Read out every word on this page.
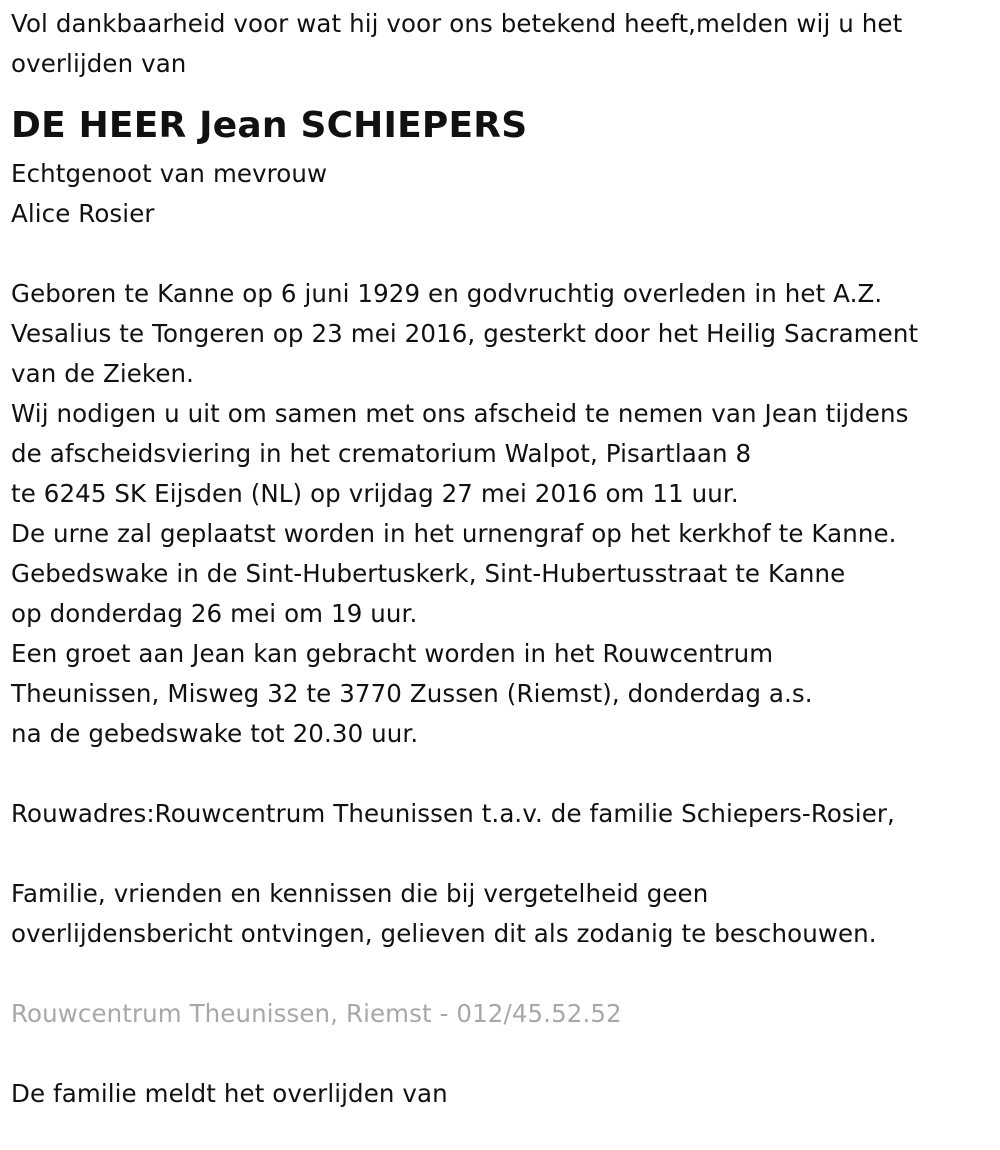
Vol dankbaarheid voor wat hij voor ons betekend heeft,melden wij u het
overlijden van
DE HEER Jean SCHIEPERS
Echtgenoot van mevrouw
Alice Rosier
Geboren te Kanne op 6 juni 1929 en godvruchtig overleden in het A.Z.
Vesalius te Tongeren op 23 mei 2016, gesterkt door het Heilig Sacrament
van de Zieken.
Wij nodigen u uit om samen met ons afscheid te nemen van Jean tijdens
de afscheidsviering in het crematorium Walpot, Pisartlaan 8
te 6245 SK Eijsden (NL) op vrijdag 27 mei 2016 om 11 uur.
De urne zal geplaatst worden in het urnengraf op het kerkhof te Kanne.
Gebedswake in de Sint-Hubertuskerk, Sint-Hubertusstraat te Kanne
op donderdag 26 mei om 19 uur.
Een groet aan Jean kan gebracht worden in het Rouwcentrum
Theunissen, Misweg 32 te 3770 Zussen (Riemst), donderdag a.s.
na de gebedswake tot 20.30 uur.
Rouwadres:Rouwcentrum Theunissen t.a.v. de familie Schiepers-Rosier,
Familie, vrienden en kennissen die bij vergetelheid geen
overlijdensbericht ontvingen, gelieven dit als zodanig te beschouwen.
Rouwcentrum Theunissen, Riemst - 012/45.52.52
De familie meldt het overlijden van
